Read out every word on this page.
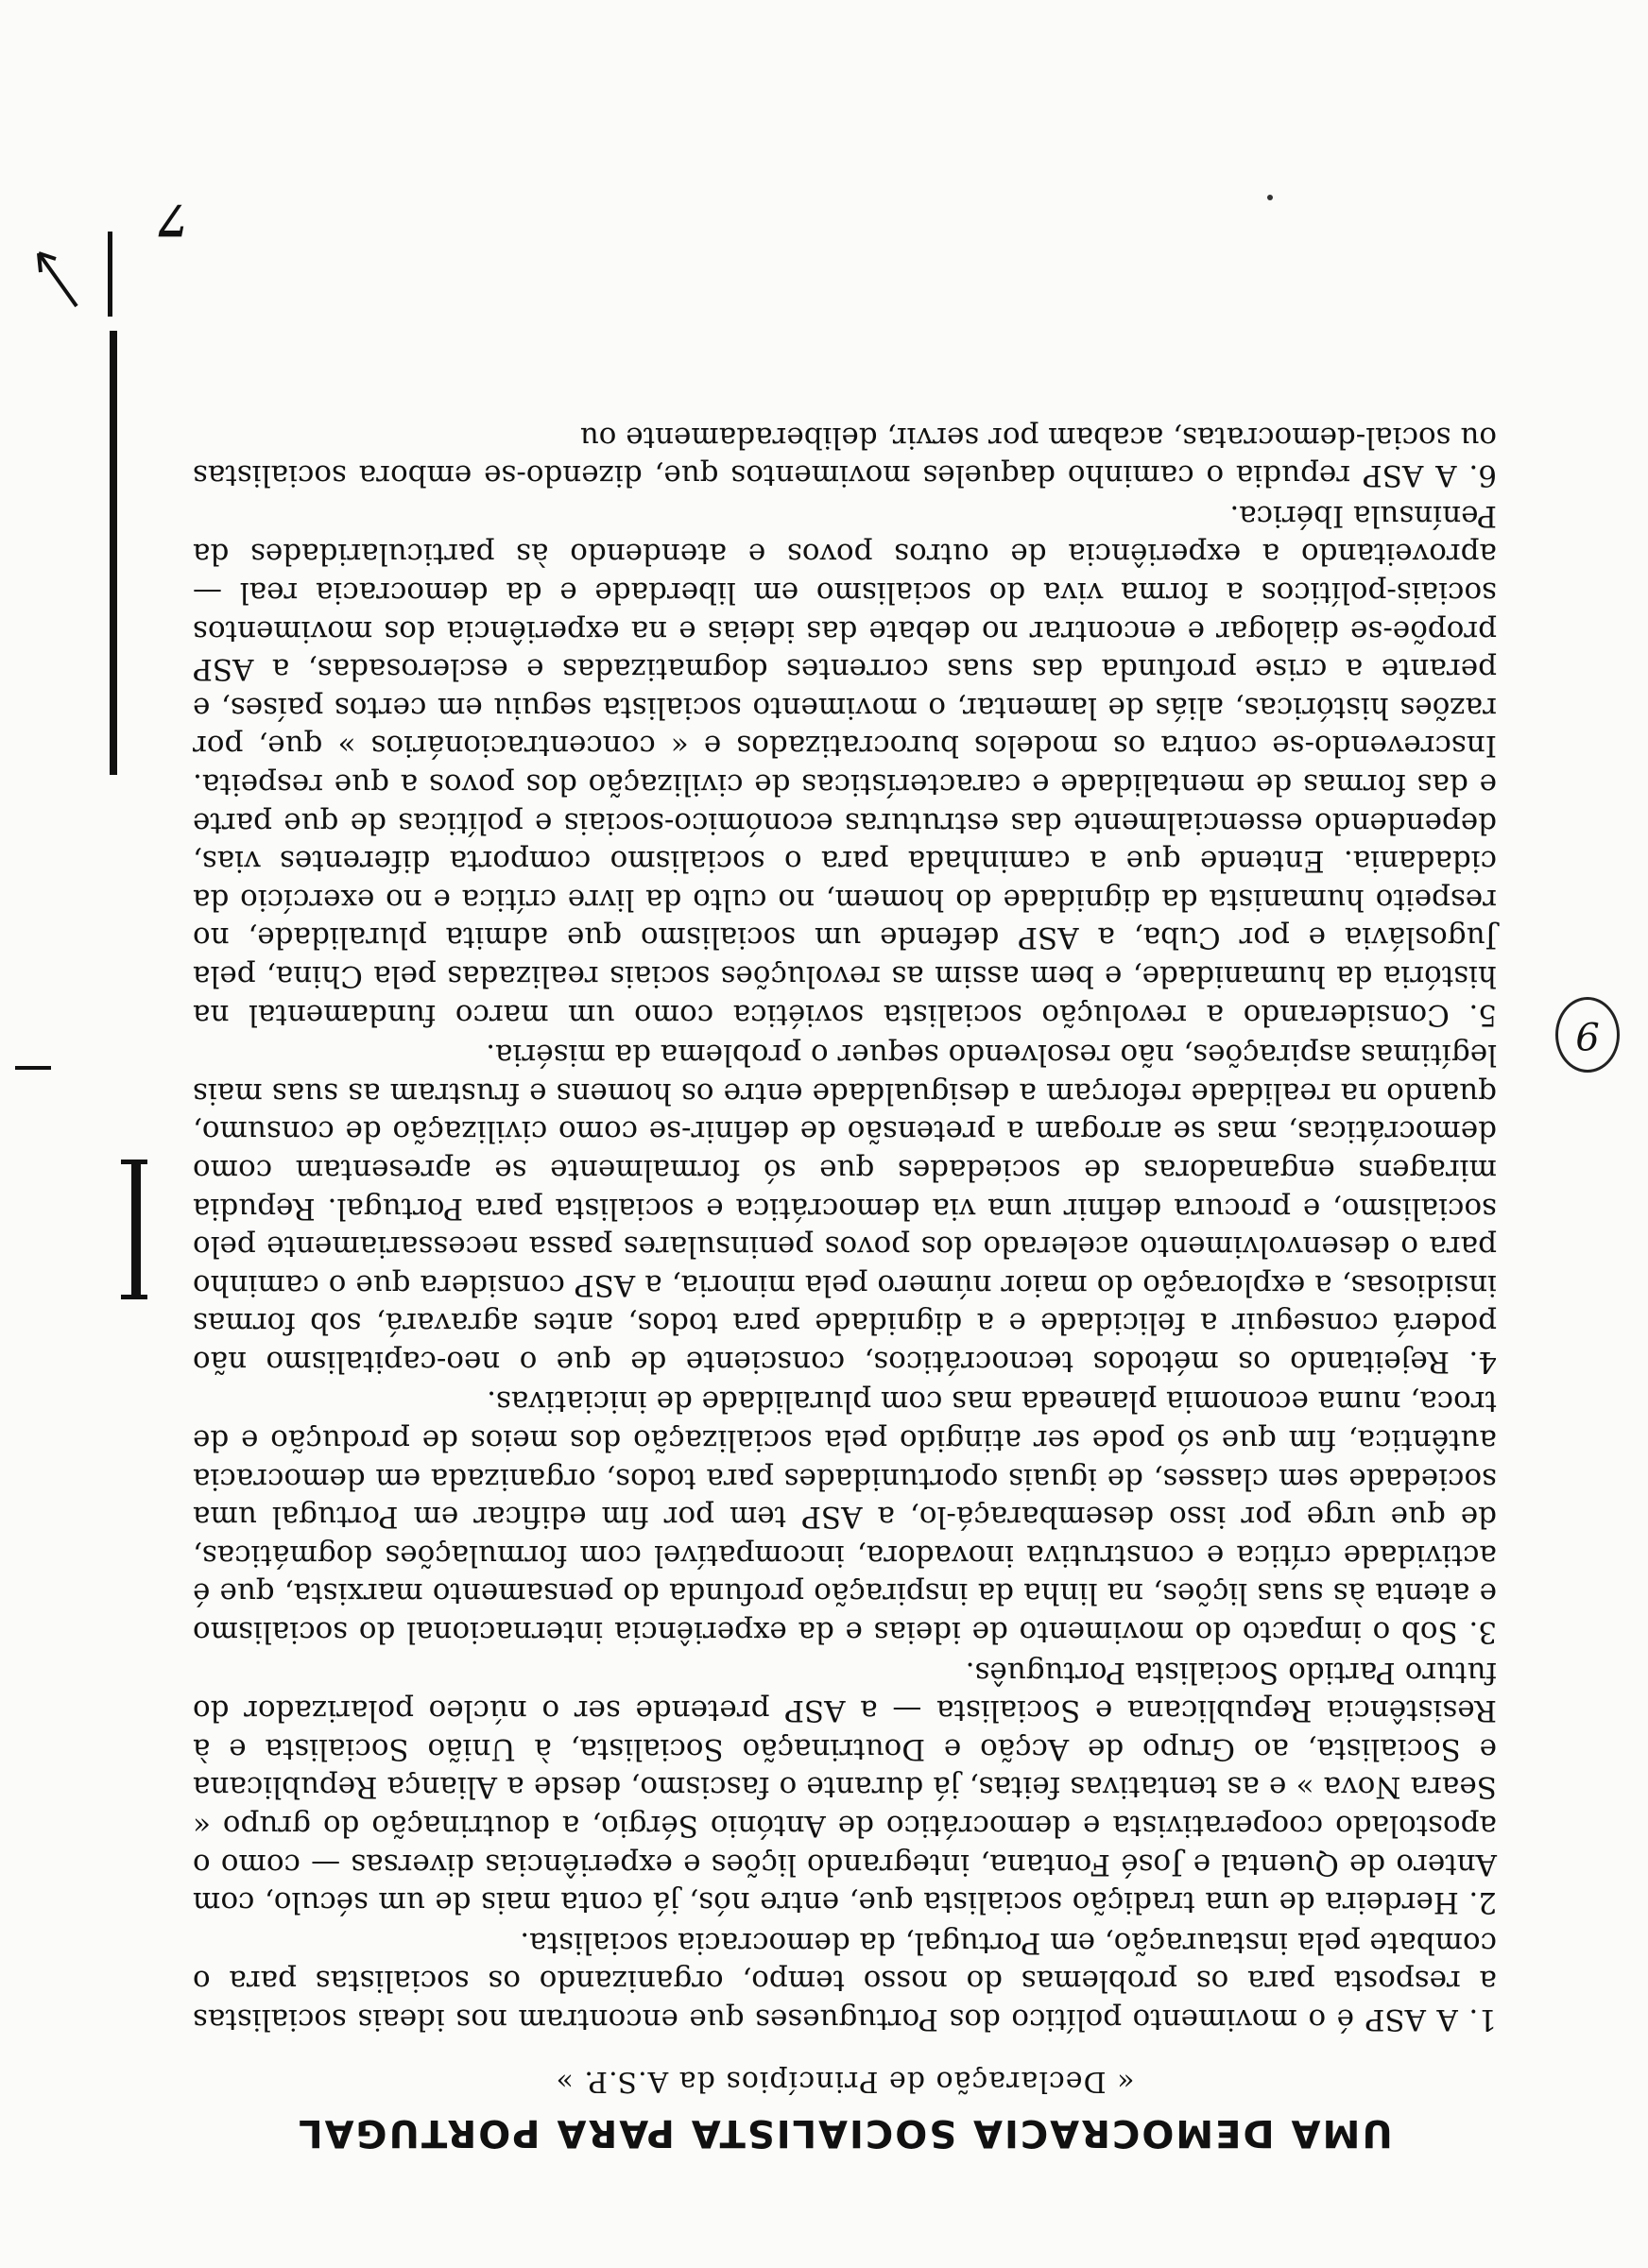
UMA DEMOCRACIA SOCIALISTA PARA PORTUGAL
« Declaração de Princípios da A.S.P. »
1. A ASP é o movimento político dos Portugueses que encontram nos ideais socialistas a resposta para os problemas do nosso tempo, organizando os socialistas para o combate pela instauração, em Portugal, da democracia socialista.
2. Herdeira de uma tradição socialista que, entre nós, já conta mais de um século, com Antero de Quental e José Fontana, integrando lições e experiências diversas — como o apostolado cooperativista e democrático de António Sérgio, a doutrinação do grupo « Seara Nova » e as tentativas feitas, já durante o fascismo, desde a Aliança Republicana e Socialista, ao Grupo de Acção e Doutrinação Socialista, à União Socialista e à Resistência Republicana e Socialista — a ASP pretende ser o núcleo polarizador do futuro Partido Socialista Português.
3. Sob o impacto do movimento de ideias e da experiência internacional do socialismo e atenta às suas lições, na linha da inspiração profunda do pensamento marxista, que é actividade crítica e construtiva inovadora, incompatível com formulações dogmáticas, de que urge por isso desembaraçá-lo, a ASP tem por fim edificar em Portugal uma sociedade sem classes, de iguais oportunidades para todos, organizada em democracia autêntica, fim que só pode ser atingido pela socialização dos meios de produção e de troca, numa economia planeada mas com pluralidade de iniciativas.
4. Rejeitando os métodos tecnocráticos, consciente de que o neo-capitalismo não poderá conseguir a felicidade e a dignidade para todos, antes agravará, sob formas insidiosas, a exploração do maior número pela minoria, a ASP considera que o caminho para o desenvolvimento acelerado dos povos peninsulares passa necessariamente pelo socialismo, e procura definir uma via democrática e socialista para Portugal. Repudia miragens enganadoras de sociedades que só formalmente se apresentam como democráticas, mas se arrogam a pretensão de definir-se como civilização de consumo, quando na realidade reforçam a desigualdade entre os homens e frustram as suas mais legítimas aspirações, não resolvendo sequer o problema da miséria.
5. Considerando a revolução socialista soviética como um marco fundamental na história da humanidade, e bem assim as revoluções sociais realizadas pela China, pela Jugoslávia e por Cuba, a ASP defende um socialismo que admita pluralidade, no respeito humanista da dignidade do homem, no culto da livre crítica e no exercício da cidadania. Entende que a caminhada para o socialismo comporta diferentes vias, dependendo essencialmente das estruturas económico-sociais e políticas de que parte e das formas de mentalidade e características de civilização dos povos a que respeita. Inscrevendo-se contra os modelos burocratizados e « concentracionários » que, por razões históricas, aliás de lamentar, o movimento socialista seguiu em certos países, e perante a crise profunda das suas correntes dogmatizadas e esclerosadas, a ASP propõe-se dialogar e encontrar no debate das ideias e na experiência dos movimentos sociais-políticos a forma viva do socialismo em liberdade e da democracia real — aproveitando a experiência de outros povos e atendendo às particularidades da Península Ibérica.
6. A ASP repudia o caminho daqueles movimentos que, dizendo-se embora socialistas ou social-democratas, acabam por servir, deliberadamente ou
7
9
